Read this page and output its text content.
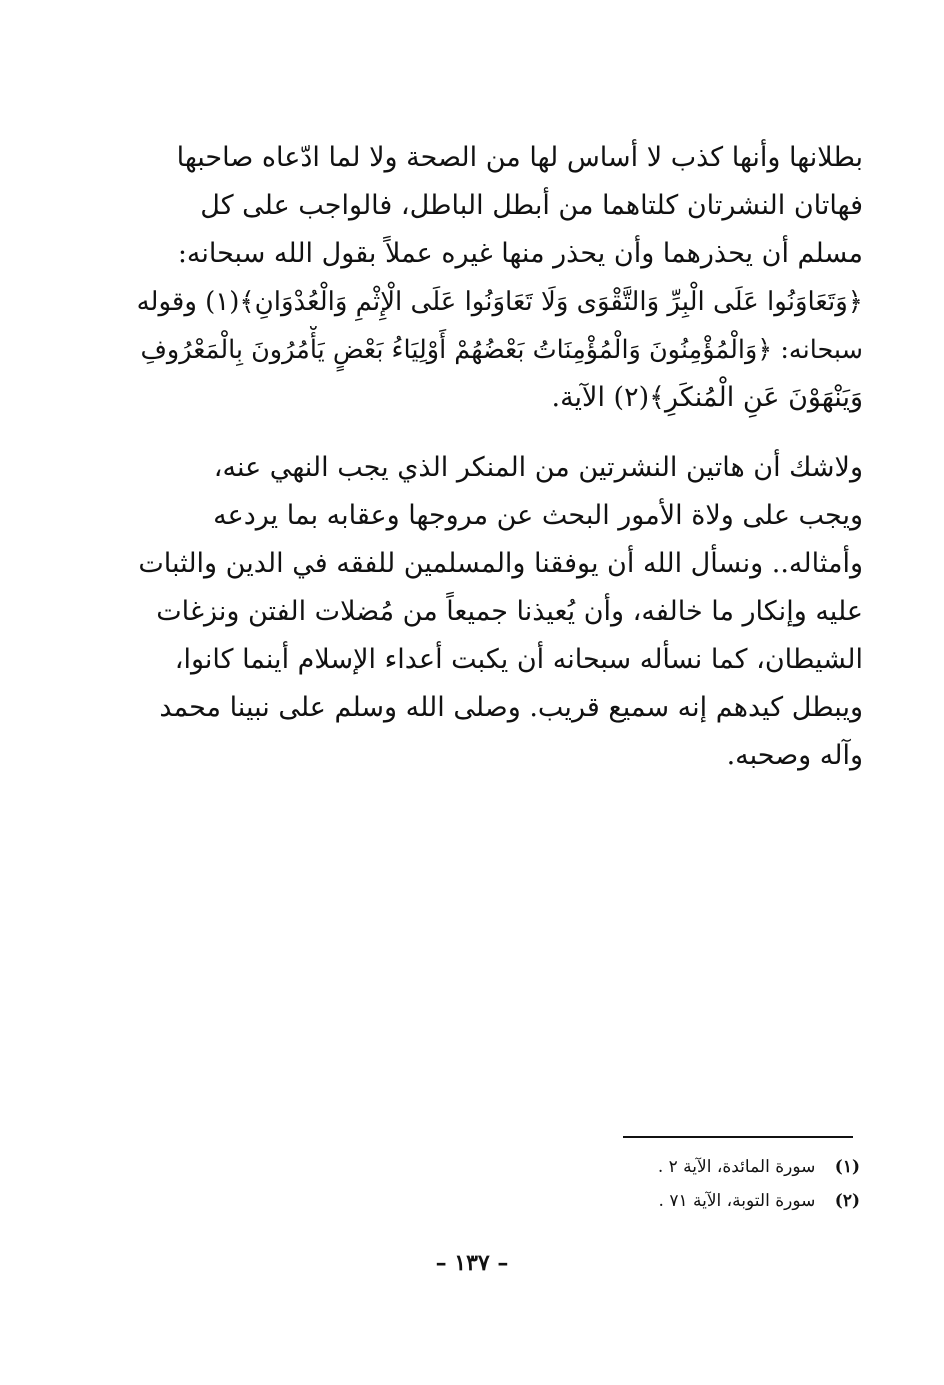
بطلانها وأنها كذب لا أساس لها من الصحة ولا لما ادّعاه صاحبها
فهاتان النشرتان كلتاهما من أبطل الباطل، فالواجب على كل
مسلم أن يحذرهما وأن يحذر منها غيره عملاً بقول الله سبحانه:
﴿وَتَعَاوَنُوا عَلَى الْبِرِّ وَالتَّقْوَى وَلَا تَعَاوَنُوا عَلَى الْإِثْمِ وَالْعُدْوَانِ﴾(١) وقوله
سبحانه: ﴿وَالْمُؤْمِنُونَ وَالْمُؤْمِنَاتُ بَعْضُهُمْ أَوْلِيَاءُ بَعْضٍ يَأْمُرُونَ بِالْمَعْرُوفِ
وَيَنْهَوْنَ عَنِ الْمُنكَرِ﴾(٢) الآية.
ولاشك أن هاتين النشرتين من المنكر الذي يجب النهي عنه،
ويجب على ولاة الأمور البحث عن مروجها وعقابه بما يردعه
وأمثاله.. ونسأل الله أن يوفقنا والمسلمين للفقه في الدين والثبات
عليه وإنكار ما خالفه، وأن يُعيذنا جميعاً من مُضلات الفتن ونزغات
الشيطان، كما نسأله سبحانه أن يكبت أعداء الإسلام أينما كانوا،
ويبطل كيدهم إنه سميع قريب. وصلى الله وسلم على نبينا محمد
وآله وصحبه.
(١) سورة المائدة، الآية ٢ .
(٢) سورة التوبة، الآية ٧١ .
– ١٣٧ –
